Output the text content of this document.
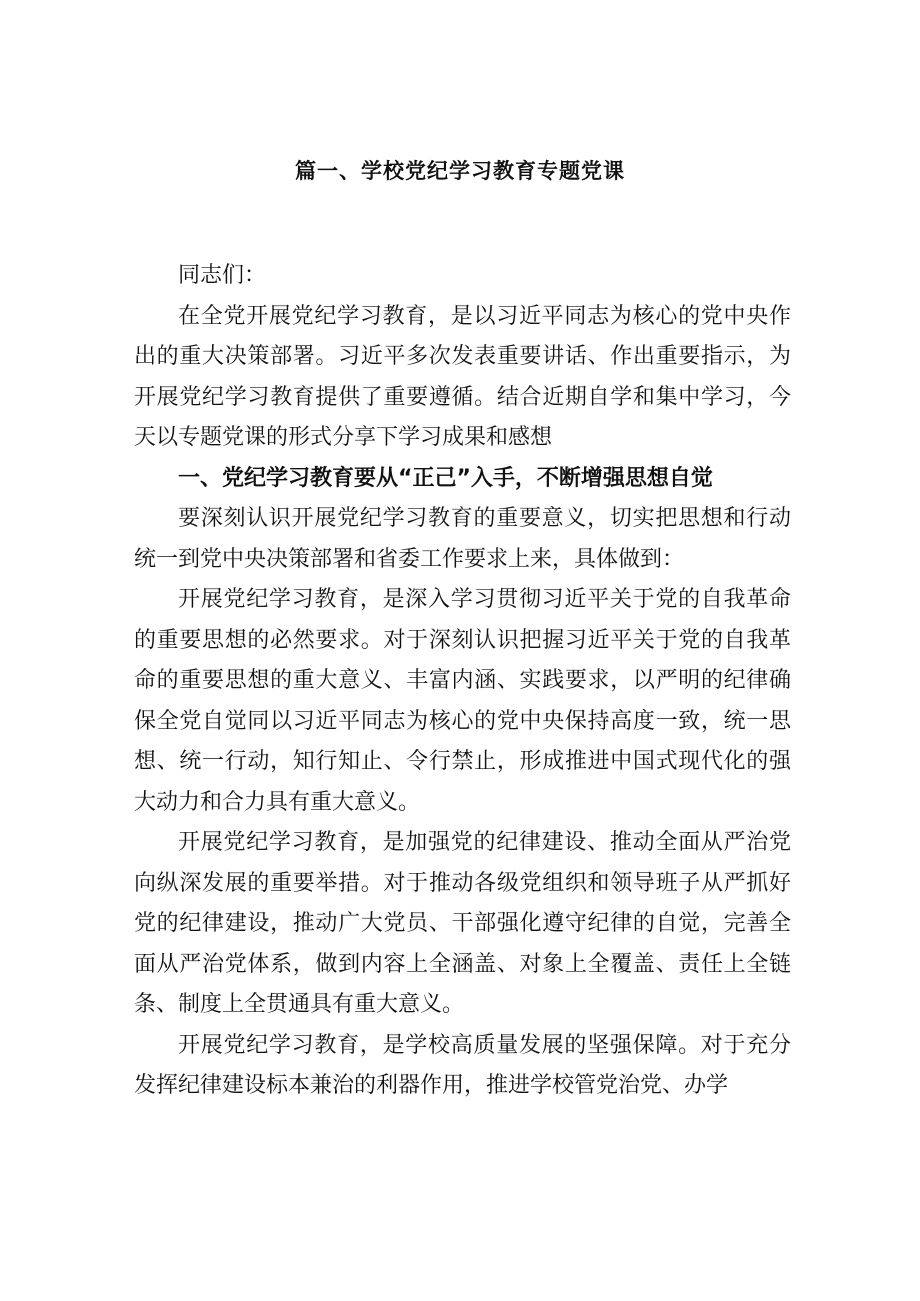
篇一、学校党纪学习教育专题党课

同志们：

在全党开展党纪学习教育，是以习近平同志为核心的党中央作出的重大决策部署。习近平多次发表重要讲话、作出重要指示，为开展党纪学习教育提供了重要遵循。结合近期自学和集中学习，今天以专题党课的形式分享下学习成果和感想

一、党纪学习教育要从“正己”入手，不断增强思想自觉

要深刻认识开展党纪学习教育的重要意义，切实把思想和行动统一到党中央决策部署和省委工作要求上来，具体做到：

开展党纪学习教育，是深入学习贯彻习近平关于党的自我革命的重要思想的必然要求。对于深刻认识把握习近平关于党的自我革命的重要思想的重大意义、丰富内涵、实践要求，以严明的纪律确保全党自觉同以习近平同志为核心的党中央保持高度一致，统一思想、统一行动，知行知止、令行禁止，形成推进中国式现代化的强大动力和合力具有重大意义。

开展党纪学习教育，是加强党的纪律建设、推动全面从严治党向纵深发展的重要举措。对于推动各级党组织和领导班子从严抓好党的纪律建设，推动广大党员、干部强化遵守纪律的自觉，完善全面从严治党体系，做到内容上全涵盖、对象上全覆盖、责任上全链条、制度上全贯通具有重大意义。

开展党纪学习教育，是学校高质量发展的坚强保障。对于充分发挥纪律建设标本兼治的利器作用，推进学校管党治党、办学
